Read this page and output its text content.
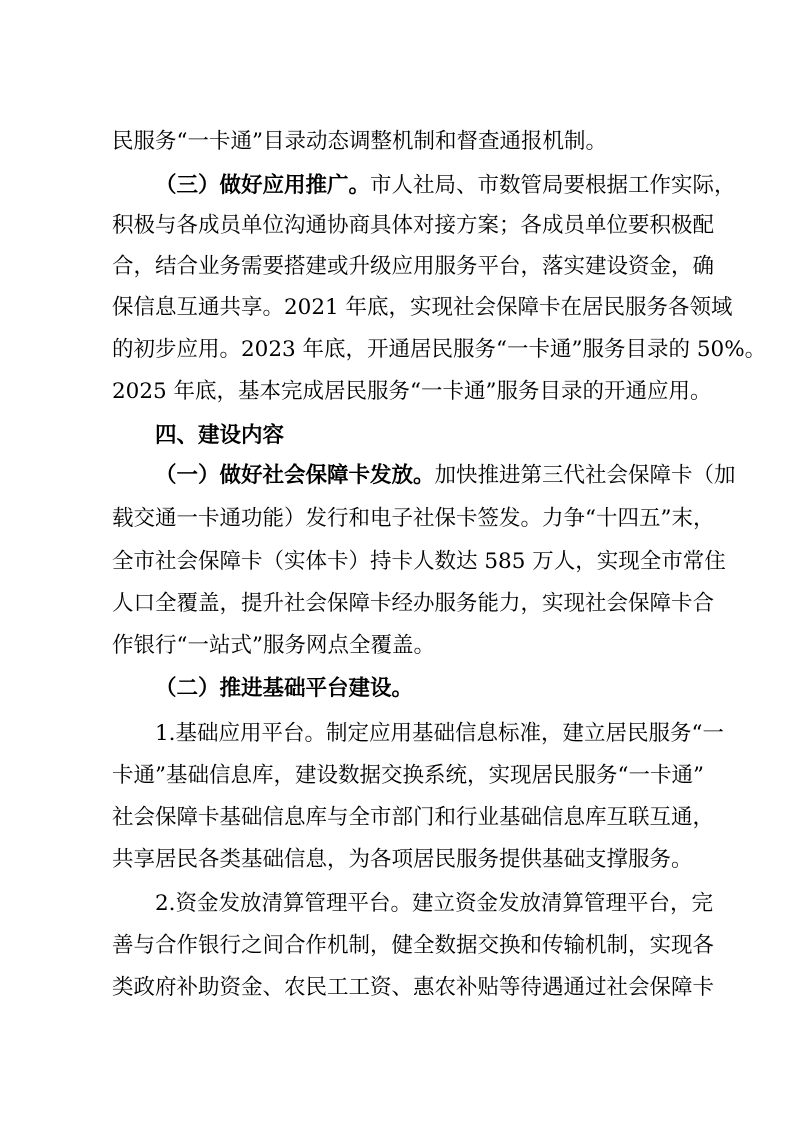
民服务“一卡通”目录动态调整机制和督查通报机制。
（三）做好应用推广。市人社局、市数管局要根据工作实际，
积极与各成员单位沟通协商具体对接方案；各成员单位要积极配
合，结合业务需要搭建或升级应用服务平台，落实建设资金，确
保信息互通共享。2021 年底，实现社会保障卡在居民服务各领域
的初步应用。2023 年底，开通居民服务“一卡通”服务目录的 50%。
2025 年底，基本完成居民服务“一卡通”服务目录的开通应用。
四、建设内容
（一）做好社会保障卡发放。加快推进第三代社会保障卡（加
载交通一卡通功能）发行和电子社保卡签发。力争“十四五”末，
全市社会保障卡（实体卡）持卡人数达 585 万人，实现全市常住
人口全覆盖，提升社会保障卡经办服务能力，实现社会保障卡合
作银行“一站式”服务网点全覆盖。
（二）推进基础平台建设。
1.基础应用平台。制定应用基础信息标准，建立居民服务“一
卡通”基础信息库，建设数据交换系统，实现居民服务“一卡通”
社会保障卡基础信息库与全市部门和行业基础信息库互联互通，
共享居民各类基础信息，为各项居民服务提供基础支撑服务。
2.资金发放清算管理平台。建立资金发放清算管理平台，完
善与合作银行之间合作机制，健全数据交换和传输机制，实现各
类政府补助资金、农民工工资、惠农补贴等待遇通过社会保障卡
